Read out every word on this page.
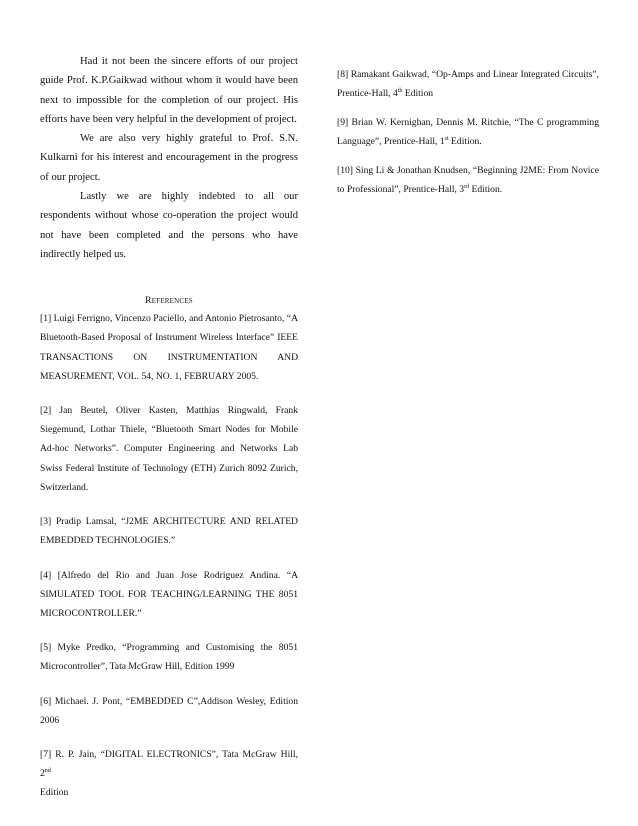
Had it not been the sincere efforts of our project guide Prof. K.P.Gaikwad without whom it would have been next to impossible for the completion of our project. His efforts have been very helpful in the development of project.

We are also very highly grateful to Prof. S.N. Kulkarni for his interest and encouragement in the progress of our project.

Lastly we are highly indebted to all our respondents without whose co-operation the project would not have been completed and the persons who have indirectly helped us.

References

[1] Luigi Ferrigno, Vincenzo Paciello, and Antonio Pietrosanto, “A Bluetooth-Based Proposal of Instrument Wireless Interface” IEEE TRANSACTIONS ON INSTRUMENTATION AND MEASUREMENT, VOL. 54, NO. 1, FEBRUARY 2005.

[2] Jan Beutel, Oliver Kasten, Matthias Ringwald, Frank Siegemund, Lothar Thiele, “Bluetooth Smart Nodes for Mobile Ad-hoc Networks”. Computer Engineering and Networks Lab Swiss Federal Institute of Technology (ETH) Zurich 8092 Zurich, Switzerland.

[3] Pradip Lamsal, “J2ME ARCHITECTURE AND RELATED EMBEDDED TECHNOLOGIES.”

[4] [Alfredo del Rio and Juan Jose Rodriguez Andina. “A SIMULATED TOOL FOR TEACHING/LEARNING THE 8051 MICROCONTROLLER.”

[5] Myke Predko, “Programming and Customising the 8051 Microcontroller”, Tata McGraw Hill, Edition 1999

[6] Michael. J. Pont, “EMBEDDED C”,Addison Wesley, Edition 2006

[7] R. P. Jain, “DIGITAL ELECTRONICS”, Tata McGraw Hill, 2nd
Edition

[8] Ramakant Gaikwad, “Op-Amps and Linear Integrated Circuits”, Prentice-Hall, 4th Edition

[9] Brian W. Kernighan, Dennis M. Ritchie, “The C programming Language”, Prentice-Hall, 1st Edition.

[10] Sing Li & Jonathan Knudsen, “Beginning J2ME: From Novice to Professional”, Prentice-Hall, 3rd Edition.
